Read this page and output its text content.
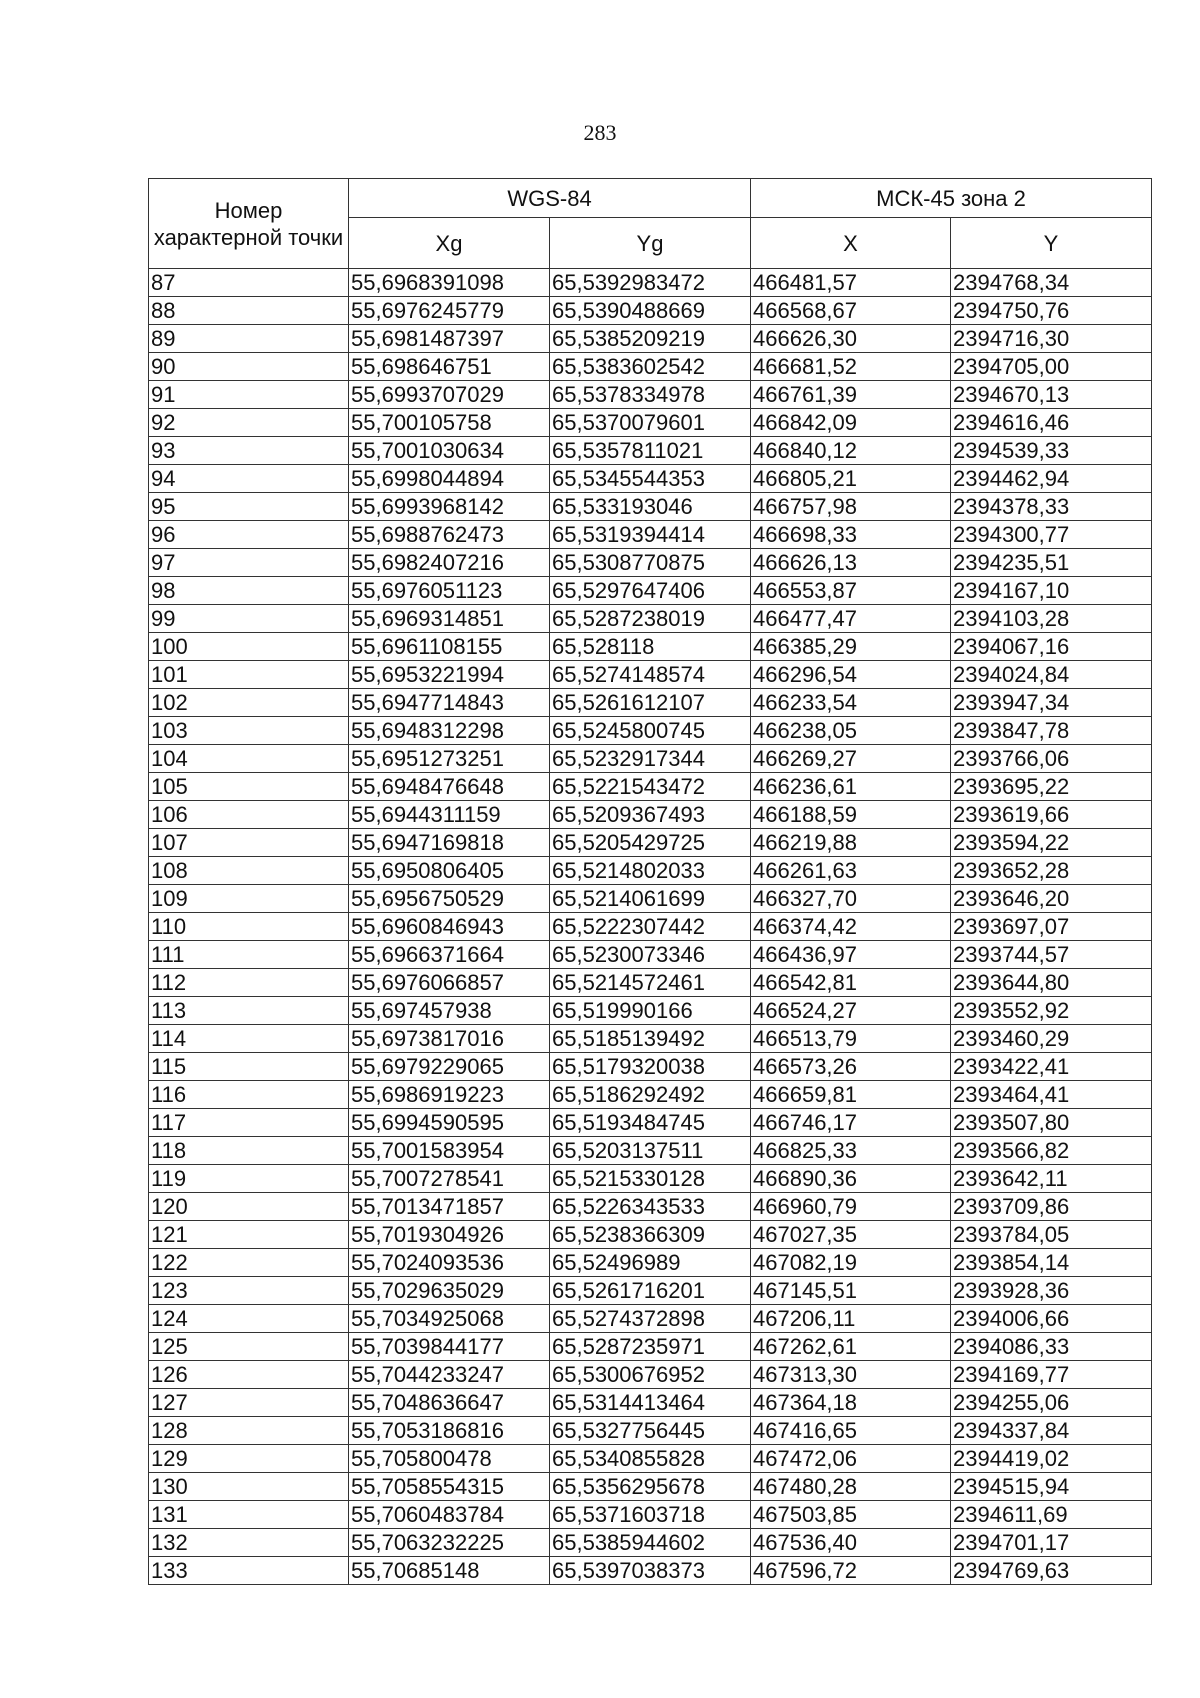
283
Номер характерной точки	WGS-84		МСК-45 зона 2	
	Xg	Yg	X	Y
87	55,6968391098	65,5392983472	466481,57	2394768,34
88	55,6976245779	65,5390488669	466568,67	2394750,76
89	55,6981487397	65,5385209219	466626,30	2394716,30
90	55,698646751	65,5383602542	466681,52	2394705,00
91	55,6993707029	65,5378334978	466761,39	2394670,13
92	55,700105758	65,5370079601	466842,09	2394616,46
93	55,7001030634	65,5357811021	466840,12	2394539,33
94	55,6998044894	65,5345544353	466805,21	2394462,94
95	55,6993968142	65,533193046	466757,98	2394378,33
96	55,6988762473	65,5319394414	466698,33	2394300,77
97	55,6982407216	65,5308770875	466626,13	2394235,51
98	55,6976051123	65,5297647406	466553,87	2394167,10
99	55,6969314851	65,5287238019	466477,47	2394103,28
100	55,6961108155	65,528118	466385,29	2394067,16
101	55,6953221994	65,5274148574	466296,54	2394024,84
102	55,6947714843	65,5261612107	466233,54	2393947,34
103	55,6948312298	65,5245800745	466238,05	2393847,78
104	55,6951273251	65,5232917344	466269,27	2393766,06
105	55,6948476648	65,5221543472	466236,61	2393695,22
106	55,6944311159	65,5209367493	466188,59	2393619,66
107	55,6947169818	65,5205429725	466219,88	2393594,22
108	55,6950806405	65,5214802033	466261,63	2393652,28
109	55,6956750529	65,5214061699	466327,70	2393646,20
110	55,6960846943	65,5222307442	466374,42	2393697,07
111	55,6966371664	65,5230073346	466436,97	2393744,57
112	55,6976066857	65,5214572461	466542,81	2393644,80
113	55,697457938	65,519990166	466524,27	2393552,92
114	55,6973817016	65,5185139492	466513,79	2393460,29
115	55,6979229065	65,5179320038	466573,26	2393422,41
116	55,6986919223	65,5186292492	466659,81	2393464,41
117	55,6994590595	65,5193484745	466746,17	2393507,80
118	55,7001583954	65,5203137511	466825,33	2393566,82
119	55,7007278541	65,5215330128	466890,36	2393642,11
120	55,7013471857	65,5226343533	466960,79	2393709,86
121	55,7019304926	65,5238366309	467027,35	2393784,05
122	55,7024093536	65,52496989	467082,19	2393854,14
123	55,7029635029	65,5261716201	467145,51	2393928,36
124	55,7034925068	65,5274372898	467206,11	2394006,66
125	55,7039844177	65,5287235971	467262,61	2394086,33
126	55,7044233247	65,5300676952	467313,30	2394169,77
127	55,7048636647	65,5314413464	467364,18	2394255,06
128	55,7053186816	65,5327756445	467416,65	2394337,84
129	55,705800478	65,5340855828	467472,06	2394419,02
130	55,7058554315	65,5356295678	467480,28	2394515,94
131	55,7060483784	65,5371603718	467503,85	2394611,69
132	55,7063232225	65,5385944602	467536,40	2394701,17
133	55,70685148	65,5397038373	467596,72	2394769,63
